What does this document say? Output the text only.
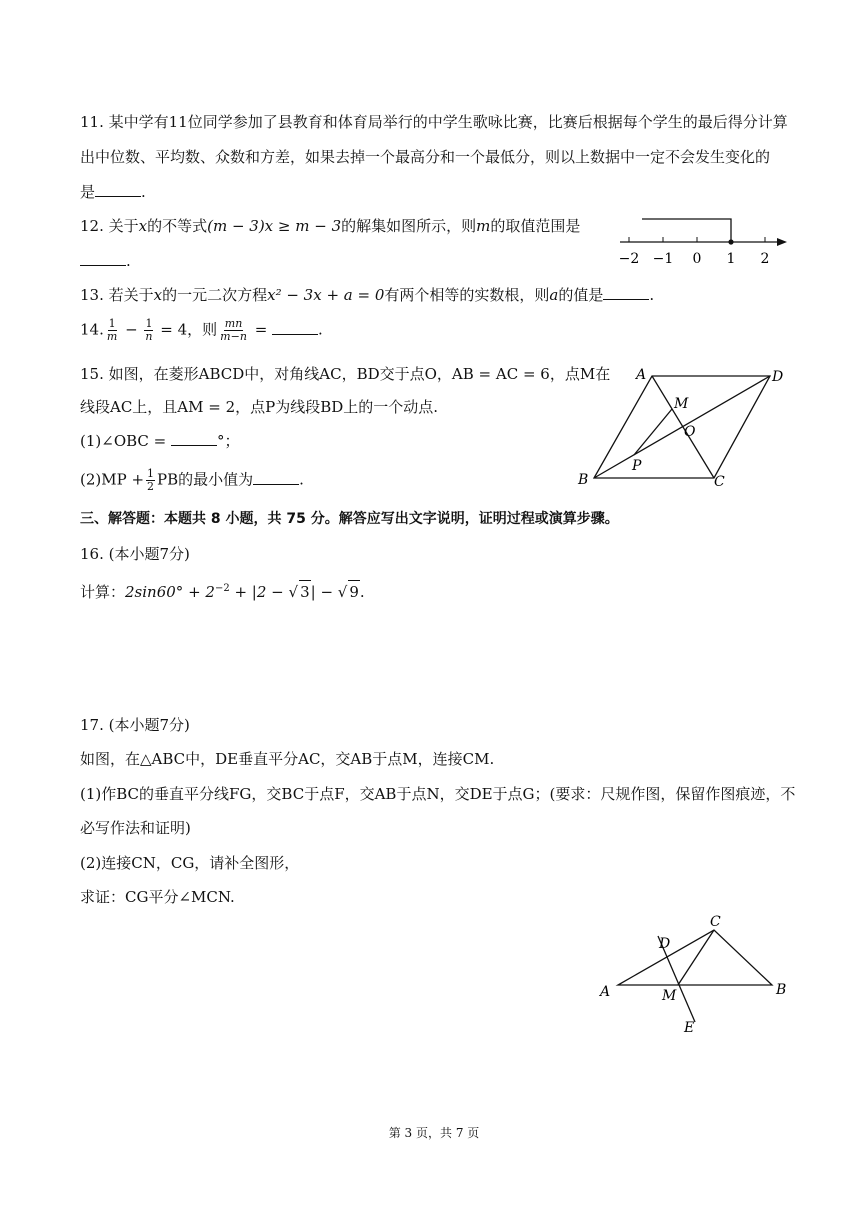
11. 某中学有11位同学参加了县教育和体育局举行的中学生歌咏比赛，比赛后根据每个学生的最后得分计算
出中位数、平均数、众数和方差，如果去掉一个最高分和一个最低分，则以上数据中一定不会发生变化的
是	.
12. 关于x的不等式(m − 3)x ≥ m − 3的解集如图所示，则m的取值范围是
.	−2 −1 0 1 2
13. 若关于x的一元二次方程x² − 3x + a = 0有两个相等的实数根，则a的值是	.
14. $\frac{1}{m} - \frac{1}{n} = 4$，则 $\frac{mn}{m-n}$ =	.
15. 如图，在菱形ABCD中，对角线AC，BD交于点O，AB = AC = 6，点M在
线段AC上，且AM = 2，点P为线段BD上的一个动点.
(1)∠OBC =	°；
$(2)MP + \frac{1}{2}$ PB的最小值为	.
A	D
M
O
P
B	C
三、解答题：本题共 8 小题，共 75 分。解答应写出文字说明，证明过程或演算步骤。
16. (本小题7分)
计算：$2\sin 60^\circ + 2^{-2} + |2$ − √ 3| − √ 9.
17. (本小题7分)
如图，在△ABC中，DE垂直平分AC，交AB于点M，连接CM.
(1)作BC的垂直平分线FG，交BC于点F，交AB于点N，交DE于点G；(要求：尺规作图，保留作图痕迹，不
必写作法和证明)
(2)连接CN，CG，请补全图形，
求证：CG平分∠MCN.
C
D
A	M	B
E
第 3 页，共 7 页
